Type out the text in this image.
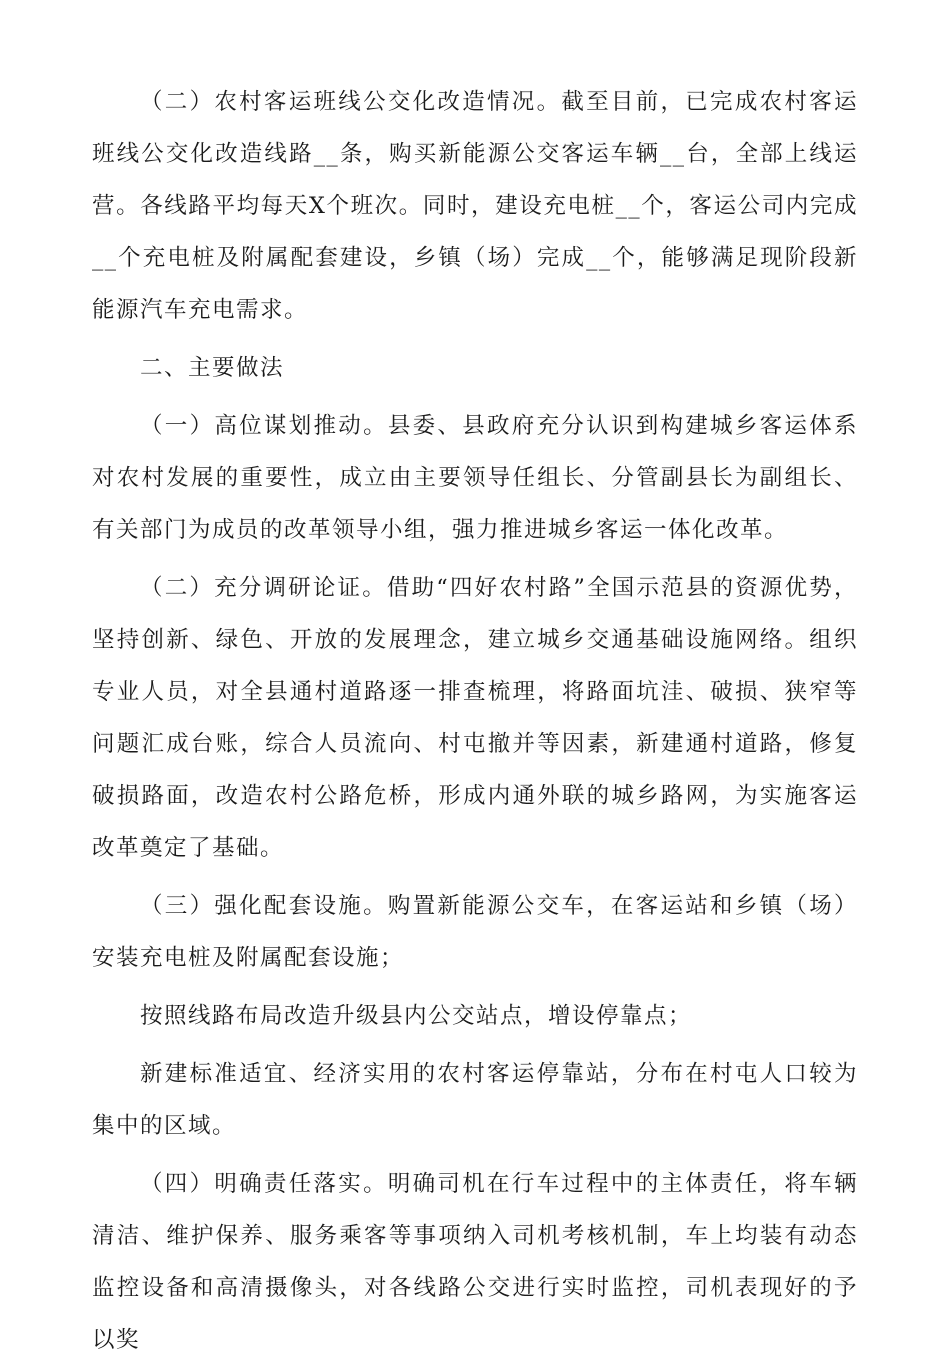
（二）农村客运班线公交化改造情况。截至目前，已完成农村客运班线公交化改造线路__条，购买新能源公交客运车辆__台，全部上线运营。各线路平均每天X个班次。同时，建设充电桩__个，客运公司内完成__个充电桩及附属配套建设，乡镇（场）完成__个，能够满足现阶段新能源汽车充电需求。

二、主要做法

（一）高位谋划推动。县委、县政府充分认识到构建城乡客运体系对农村发展的重要性，成立由主要领导任组长、分管副县长为副组长、有关部门为成员的改革领导小组，强力推进城乡客运一体化改革。

（二）充分调研论证。借助“四好农村路”全国示范县的资源优势，坚持创新、绿色、开放的发展理念，建立城乡交通基础设施网络。组织专业人员，对全县通村道路逐一排查梳理，将路面坑洼、破损、狭窄等问题汇成台账，综合人员流向、村屯撤并等因素，新建通村道路，修复破损路面，改造农村公路危桥，形成内通外联的城乡路网，为实施客运改革奠定了基础。

（三）强化配套设施。购置新能源公交车，在客运站和乡镇（场）安装充电桩及附属配套设施；

按照线路布局改造升级县内公交站点，增设停靠点；

新建标准适宜、经济实用的农村客运停靠站，分布在村屯人口较为集中的区域。

（四）明确责任落实。明确司机在行车过程中的主体责任，将车辆清洁、维护保养、服务乘客等事项纳入司机考核机制，车上均装有动态监控设备和高清摄像头，对各线路公交进行实时监控，司机表现好的予以奖
